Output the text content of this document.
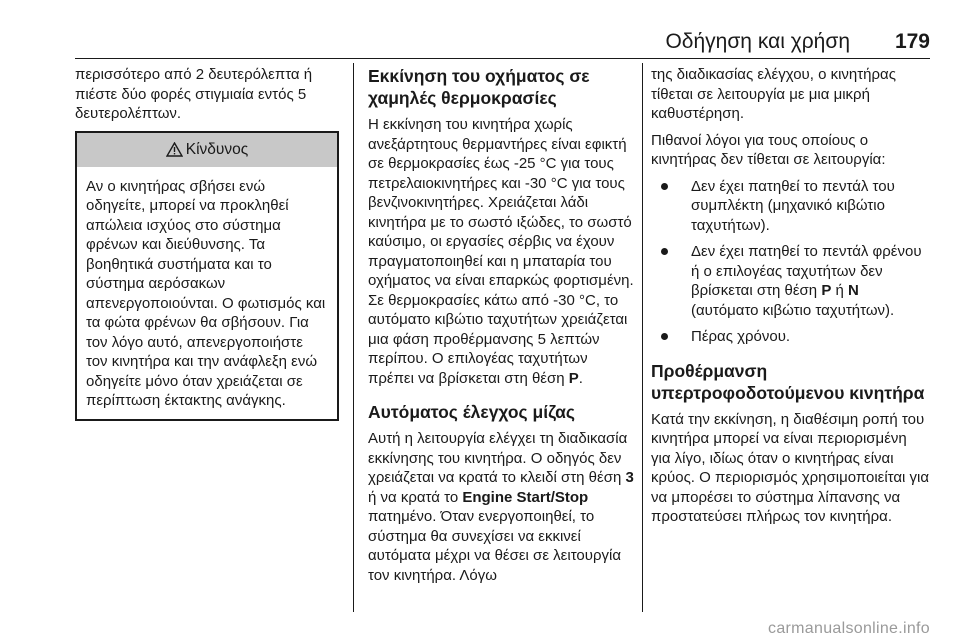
Οδήγηση και χρήση 179

περισσότερο από 2 δευτερόλεπτα ή πιέστε δύο φορές στιγμιαία εντός 5 δευτερολέπτων.

Κίνδυνος
Αν ο κινητήρας σβήσει ενώ οδηγείτε, μπορεί να προκληθεί απώλεια ισχύος στο σύστημα φρένων και διεύθυνσης. Τα βοηθητικά συστήματα και το σύστημα αερόσακων απενεργοποιούνται. Ο φωτισμός και τα φώτα φρένων θα σβήσουν. Για τον λόγο αυτό, απενεργοποιήστε τον κινητήρα και την ανάφλεξη ενώ οδηγείτε μόνο όταν χρειάζεται σε περίπτωση έκτακτης ανάγκης.
Εκκίνηση του οχήματος σε χαμηλές θερμοκρασίες

Η εκκίνηση του κινητήρα χωρίς ανεξάρτητους θερμαντήρες είναι εφικτή σε θερμοκρασίες έως -25 °C για τους πετρελαιοκινητήρες και -30 °C για τους βενζινοκινητήρες. Χρειάζεται λάδι κινητήρα με το σωστό ιξώδες, το σωστό καύσιμο, οι εργασίες σέρβις να έχουν πραγματοποιηθεί και η μπαταρία του οχήματος να είναι επαρκώς φορτισμένη. Σε θερμοκρασίες κάτω από -30 °C, το αυτόματο κιβώτιο ταχυτήτων χρειάζεται μια φάση προθέρμανσης 5 λεπτών περίπου. Ο επιλογέας ταχυτήτων πρέπει να βρίσκεται στη θέση P.

Αυτόματος έλεγχος μίζας

Αυτή η λειτουργία ελέγχει τη διαδικασία εκκίνησης του κινητήρα. Ο οδηγός δεν χρειάζεται να κρατά το κλειδί στη θέση 3 ή να κρατά το Engine Start/Stop πατημένο. Όταν ενεργοποιηθεί, το σύστημα θα συνεχίσει να εκκινεί αυτόματα μέχρι να θέσει σε λειτουργία τον κινητήρα. Λόγω

της διαδικασίας ελέγχου, ο κινητήρας τίθεται σε λειτουργία με μια μικρή καθυστέρηση.

Πιθανοί λόγοι για τους οποίους ο κινητήρας δεν τίθεται σε λειτουργία:

Δεν έχει πατηθεί το πεντάλ του συμπλέκτη (μηχανικό κιβώτιο ταχυτήτων).
Δεν έχει πατηθεί το πεντάλ φρένου ή ο επιλογέας ταχυτήτων δεν βρίσκεται στη θέση P ή N (αυτόματο κιβώτιο ταχυτήτων).
Πέρας χρόνου.
Προθέρμανση υπερτροφοδοτούμενου κινητήρα

Κατά την εκκίνηση, η διαθέσιμη ροπή του κινητήρα μπορεί να είναι περιορισμένη για λίγο, ιδίως όταν ο κινητήρας είναι κρύος. Ο περιορισμός χρησιμοποιείται για να μπορέσει το σύστημα λίπανσης να προστατεύσει πλήρως τον κινητήρα.

carmanualsonline.info
